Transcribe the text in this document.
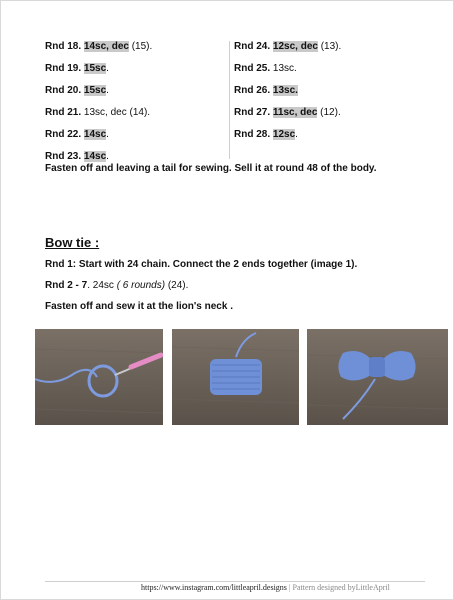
Rnd 18. 14sc, dec (15).
Rnd 19. 15sc.
Rnd 20. 15sc.
Rnd 21. 13sc, dec (14).
Rnd 22. 14sc.
Rnd 23. 14sc.
Rnd 24. 12sc, dec (13).
Rnd 25. 13sc.
Rnd 26. 13sc.
Rnd 27. 11sc, dec (12).
Rnd 28. 12sc.
Fasten off and leaving a tail for sewing. Sell it at round 48 of the body.
Bow tie :
Rnd 1: Start with 24 chain. Connect the 2 ends together (image 1).
Rnd 2 - 7. 24sc ( 6 rounds) (24).
Fasten off and sew it at the lion's neck .
https://www.instagram.com/littleapril.designs | Pattern designed byLittleApril
